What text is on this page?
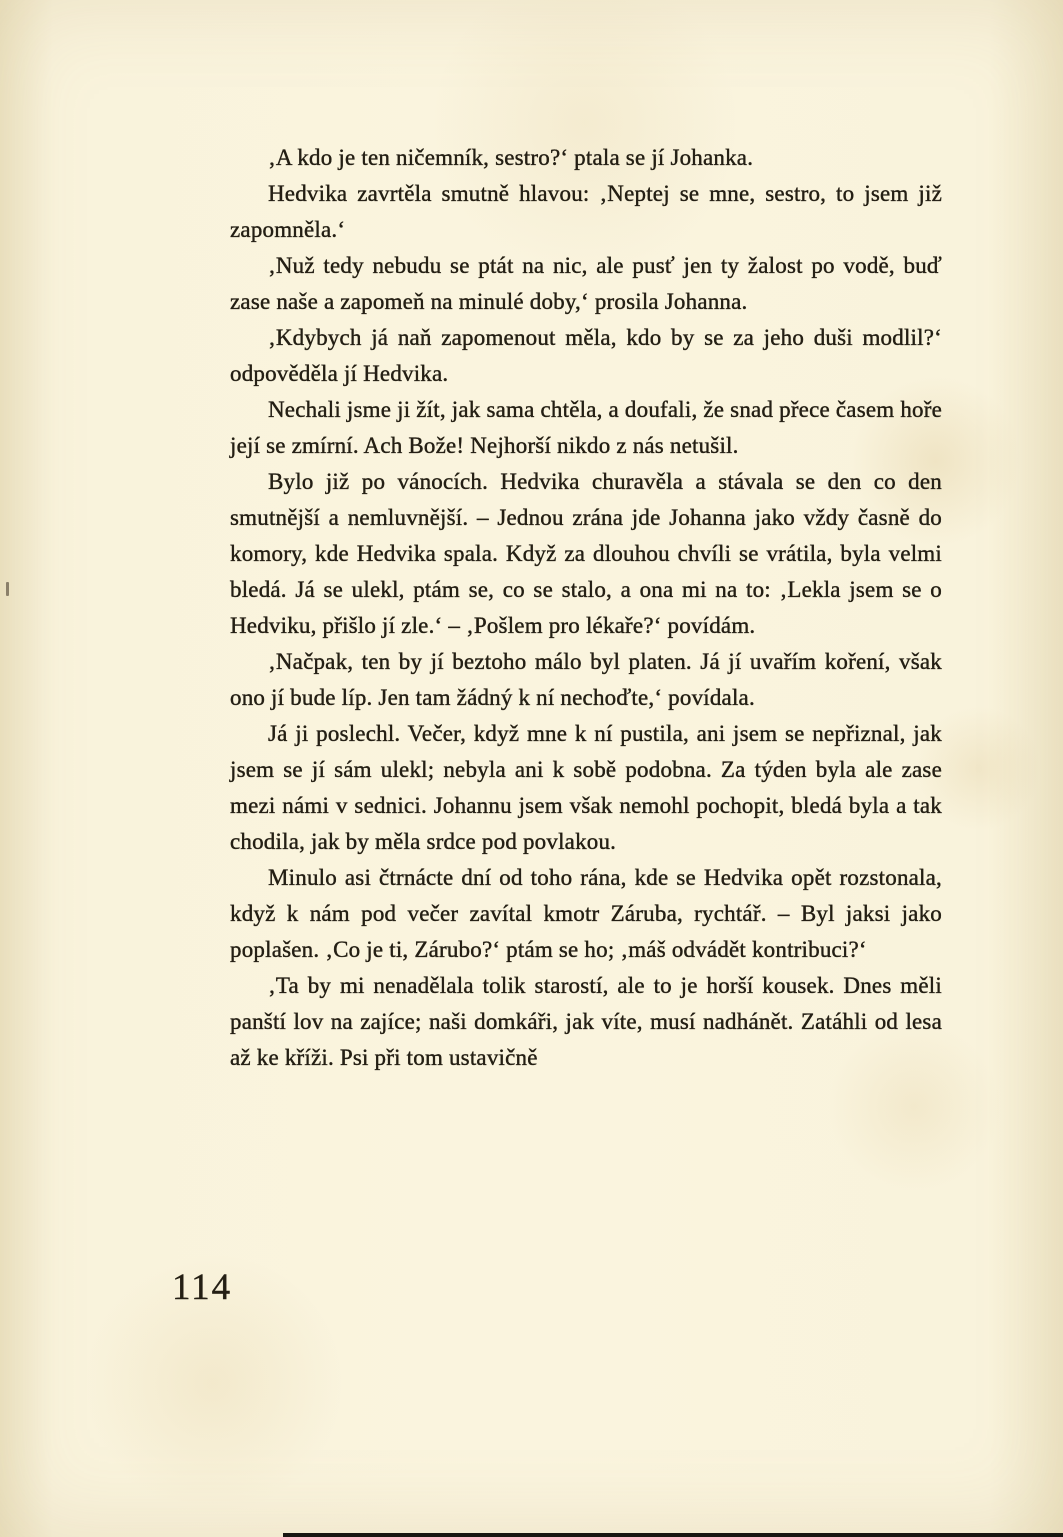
‚A kdo je ten ničemník, sestro?‘ ptala se jí Johanka.

Hedvika zavrtěla smutně hlavou: ‚Neptej se mne, sestro, to jsem již zapomněla.‘

‚Nuž tedy nebudu se ptát na nic, ale pusť jen ty žalost po vodě, buď zase naše a zapomeň na minulé doby,‘ prosila Johanna.

‚Kdybych já naň zapomenout měla, kdo by se za jeho duši modlil?‘ odpověděla jí Hedvika.

Nechali jsme ji žít, jak sama chtěla, a doufali, že snad přece časem hoře její se zmírní. Ach Bože! Nejhorší nikdo z nás netušil.

Bylo již po vánocích. Hedvika churavěla a stávala se den co den smutnější a nemluvnější. – Jednou zrána jde Johanna jako vždy časně do komory, kde Hedvika spala. Když za dlouhou chvíli se vrátila, byla velmi bledá. Já se ulekl, ptám se, co se stalo, a ona mi na to: ‚Lekla jsem se o Hedviku, přišlo jí zle.‘ – ‚Pošlem pro lékaře?‘ povídám.

‚Načpak, ten by jí beztoho málo byl platen. Já jí uvařím koření, však ono jí bude líp. Jen tam žádný k ní nechoďte,‘ povídala.

Já ji poslechl. Večer, když mne k ní pustila, ani jsem se nepřiznal, jak jsem se jí sám ulekl; nebyla ani k sobě podobna. Za týden byla ale zase mezi námi v sednici. Johannu jsem však nemohl pochopit, bledá byla a tak chodila, jak by měla srdce pod povlakou.

Minulo asi čtrnácte dní od toho rána, kde se Hedvika opět rozstonala, když k nám pod večer zavítal kmotr Záruba, rychtář. – Byl jaksi jako poplašen. ‚Co je ti, Zárubo?‘ ptám se ho; ‚máš odvádět kontribuci?‘

‚Ta by mi nenadělala tolik starostí, ale to je horší kousek. Dnes měli panští lov na zajíce; naši domkáři, jak víte, musí nadhánět. Zatáhli od lesa až ke kříži. Psi při tom ustavičně

114
